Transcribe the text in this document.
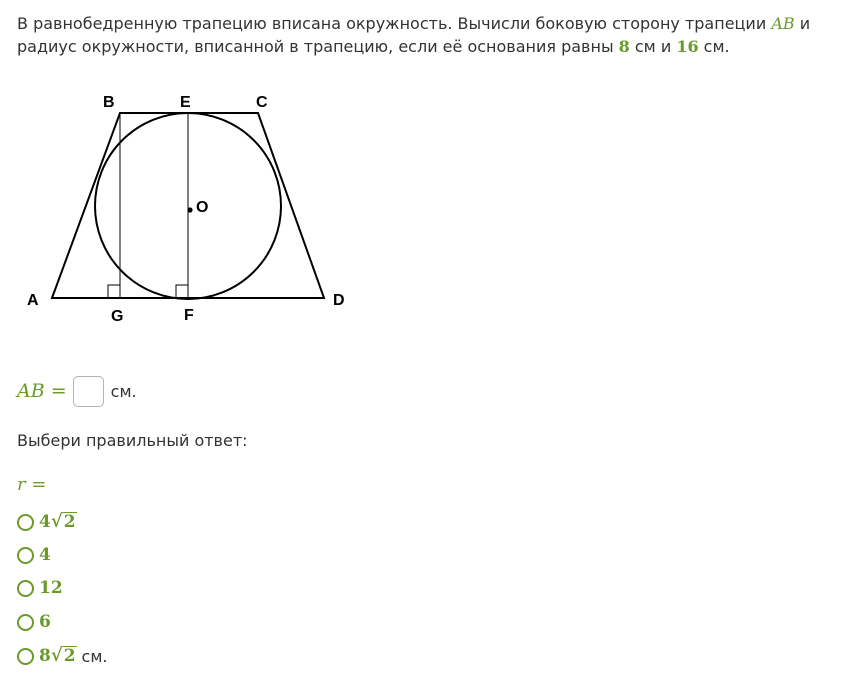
В равнобедренную трапецию вписана окружность. Вычисли боковую сторону трапеции AB и радиус окружности, вписанной в трапецию, если её основания равны 8 см и 16 см.
B	E	C
O
A	D
G	F
AB =	см.
Выбери правильный ответ:
r =
4 √ 2
4
12
6
8 √ 2 см.
